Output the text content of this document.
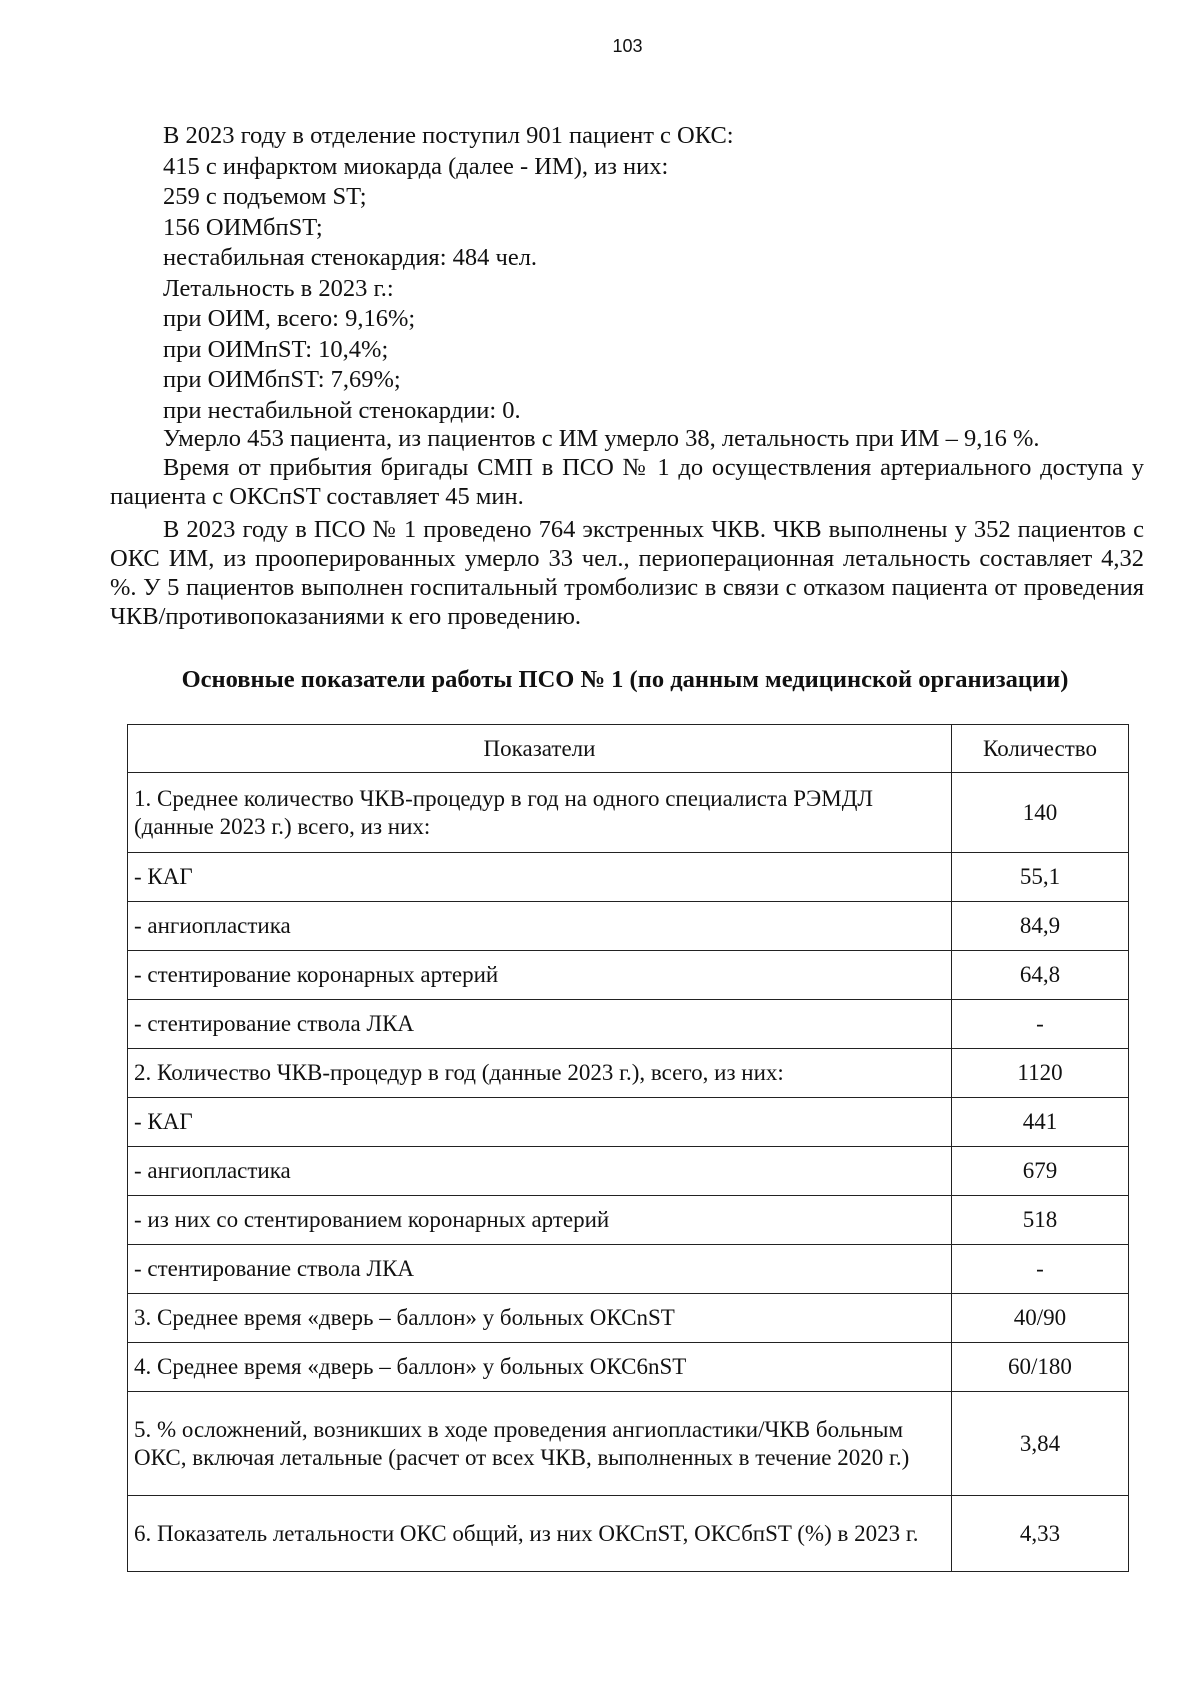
103
В 2023 году в отделение поступил 901 пациент с ОКС:
415 с инфарктом миокарда (далее - ИМ), из них:
259 с подъемом ST;
156 ОИМбпST;
нестабильная стенокардия: 484 чел.
Летальность в 2023 г.:
при ОИМ, всего: 9,16%;
при ОИМпST: 10,4%;
при ОИМбпST: 7,69%;
при нестабильной стенокардии: 0.
Умерло 453 пациента, из пациентов с ИМ умерло 38, летальность при ИМ – 9,16 %.
Время от прибытия бригады СМП в ПСО № 1 до осуществления артериального доступа у пациента с ОКСпST составляет 45 мин.
В 2023 году в ПСО № 1 проведено 764 экстренных ЧКВ. ЧКВ выполнены у 352 пациентов с ОКС ИМ, из прооперированных умерло 33 чел., периоперационная летальность составляет 4,32 %. У 5 пациентов выполнен госпитальный тромболизис в связи с отказом пациента от проведения ЧКВ/противопоказаниями к его проведению.
Основные показатели работы ПСО № 1 (по данным медицинской организации)
Показатели	Количество
1. Среднее количество ЧКВ-процедур в год на одного специалиста РЭМДЛ (данные 2023 г.) всего, из них:	140
- КАГ	55,1
- ангиопластика	84,9
- стентирование коронарных артерий	64,8
- стентирование ствола ЛКА	-
2. Количество ЧКВ-процедур в год (данные 2023 г.), всего, из них:	1120
- КАГ	441
- ангиопластика	679
- из них со стентированием коронарных артерий	518
- стентирование ствола ЛКА	-
3. Среднее время «дверь – баллон» у больных ОКСnST	40/90
4. Среднее время «дверь – баллон» у больных ОКС6nST	60/180
5. % осложнений, возникших в ходе проведения ангиопластики/ЧКВ больным ОКС, включая летальные (расчет от всех ЧКВ, выполненных в течение 2020 г.)	3,84
6. Показатель летальности ОКС общий, из них ОКСпST, ОКСбпST (%) в 2023 г.	4,33
